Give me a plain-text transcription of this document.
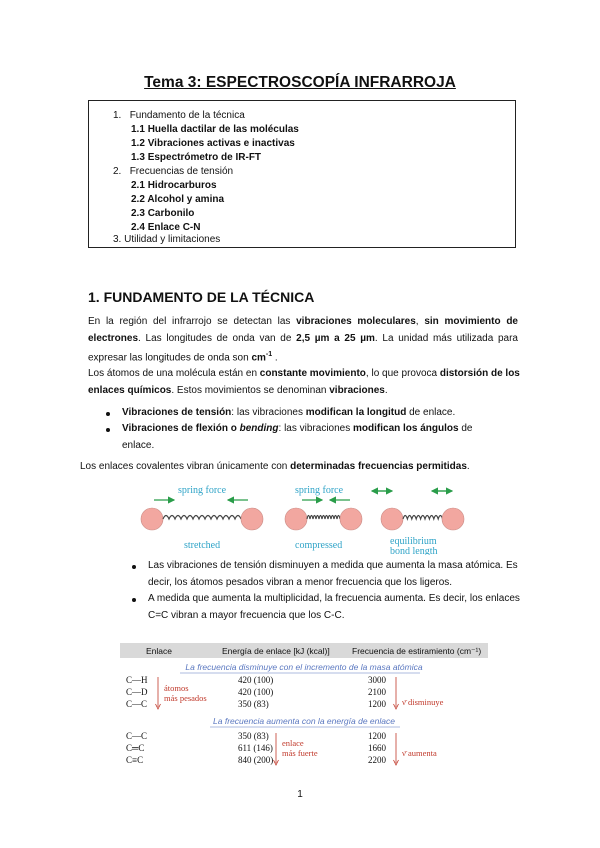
Tema 3: ESPECTROSCOPÍA INFRARROJA
1. Fundamento de la técnica
1.1 Huella dactilar de las moléculas
1.2 Vibraciones activas e inactivas
1.3 Espectrómetro de IR-FT
2. Frecuencias de tensión
2.1 Hidrocarburos
2.2 Alcohol y amina
2.3 Carbonilo
2.4 Enlace C-N
3. Utilidad y limitaciones
1. FUNDAMENTO DE LA TÉCNICA
En la región del infrarrojo se detectan las vibraciones moleculares, sin movimiento de electrones. Las longitudes de onda van de 2,5 µm a 25 µm. La unidad más utilizada para expresar las longitudes de onda son $cm^{-1}$ .
Los átomos de una molécula están en constante movimiento, lo que provoca distorsión de los enlaces químicos. Estos movimientos se denominan vibraciones.
Vibraciones de tensión: las vibraciones modifican la longitud de enlace.
Vibraciones de flexión o bending: las vibraciones modifican los ángulos de enlace.
Los enlaces covalentes vibran únicamente con determinadas frecuencias permitidas.
spring force
stretched
spring force
compressed	equilibrium
bond length
Las vibraciones de tensión disminuyen a medida que aumenta la masa atómica. Es decir, los átomos pesados vibran a menor frecuencia que los ligeros.
A medida que aumenta la multiplicidad, la frecuencia aumenta. Es decir, los enlaces C=C vibran a mayor frecuencia que los C-C.
Enlace	Energía de enlace [kJ (kcal)]	Frecuencia de estiramiento (cm⁻¹)
La frecuencia disminuye con el incremento de la masa atómica
C—H	420 (100)	3000
C—D	420 (100)	2100
C—C	350 (83)	1200
átomos
más pesados	ν̄ disminuye
La frecuencia aumenta con la energía de enlace
C—C	350 (83)	1200
C═C	611 (146)	1660
C≡C	840 (200)	2200
enlace
más fuerte	ν̄ aumenta
1
